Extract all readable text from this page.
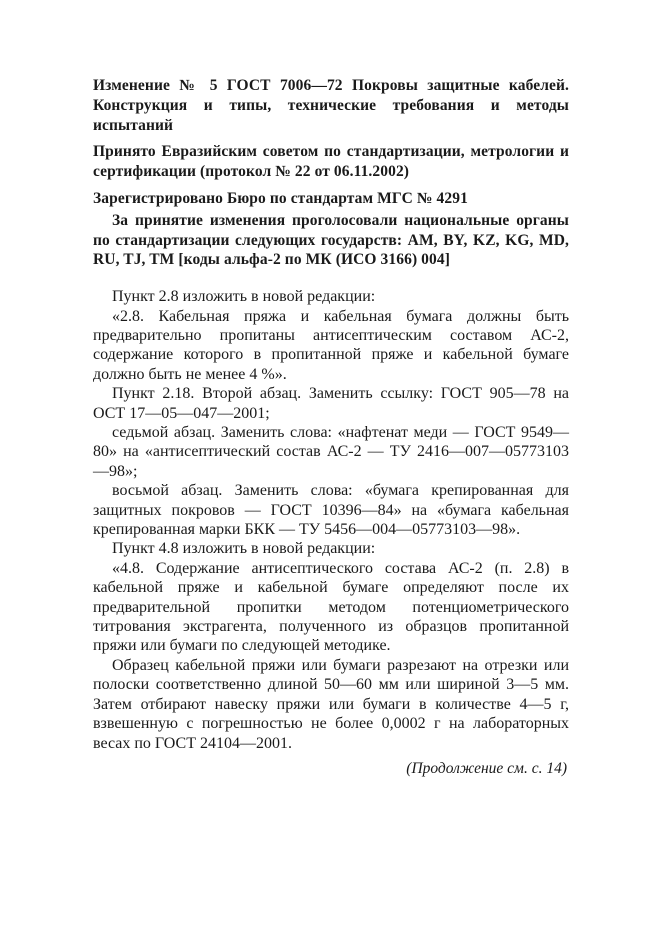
Изменение № 5 ГОСТ 7006—72 Покровы защитные кабелей. Конструкция и типы, технические требования и методы испытаний

Принято Евразийским советом по стандартизации, метрологии и сертификации (протокол № 22 от 06.11.2002)

Зарегистрировано Бюро по стандартам МГС № 4291

За принятие изменения проголосовали национальные органы по стандартизации следующих государств: AM, BY, KZ, KG, MD, RU, TJ, TM [коды альфа-2 по МК (ИСО 3166) 004]

Пункт 2.8 изложить в новой редакции:

«2.8. Кабельная пряжа и кабельная бумага должны быть предварительно пропитаны антисептическим составом АС-2, содержание которого в пропитанной пряже и кабельной бумаге должно быть не менее 4 %».

Пункт 2.18. Второй абзац. Заменить ссылку: ГОСТ 905—78 на ОСТ 17—05—047—2001;

седьмой абзац. Заменить слова: «нафтенат меди — ГОСТ 9549—80» на «антисептический состав АС-2 — ТУ 2416—007—05773103—98»;

восьмой абзац. Заменить слова: «бумага крепированная для защитных покровов — ГОСТ 10396—84» на «бумага кабельная крепированная марки БКК — ТУ 5456—004—05773103—98».

Пункт 4.8 изложить в новой редакции:

«4.8. Содержание антисептического состава АС-2 (п. 2.8) в кабельной пряже и кабельной бумаге определяют после их предварительной пропитки методом потенциометрического титрования экстрагента, полученного из образцов пропитанной пряжи или бумаги по следующей методике.

Образец кабельной пряжи или бумаги разрезают на отрезки или полоски соответственно длиной 50—60 мм или шириной 3—5 мм. Затем отбирают навеску пряжи или бумаги в количестве 4—5 г, взвешенную с погрешностью не более 0,0002 г на лабораторных весах по ГОСТ 24104—2001.

(Продолжение см. с. 14)
